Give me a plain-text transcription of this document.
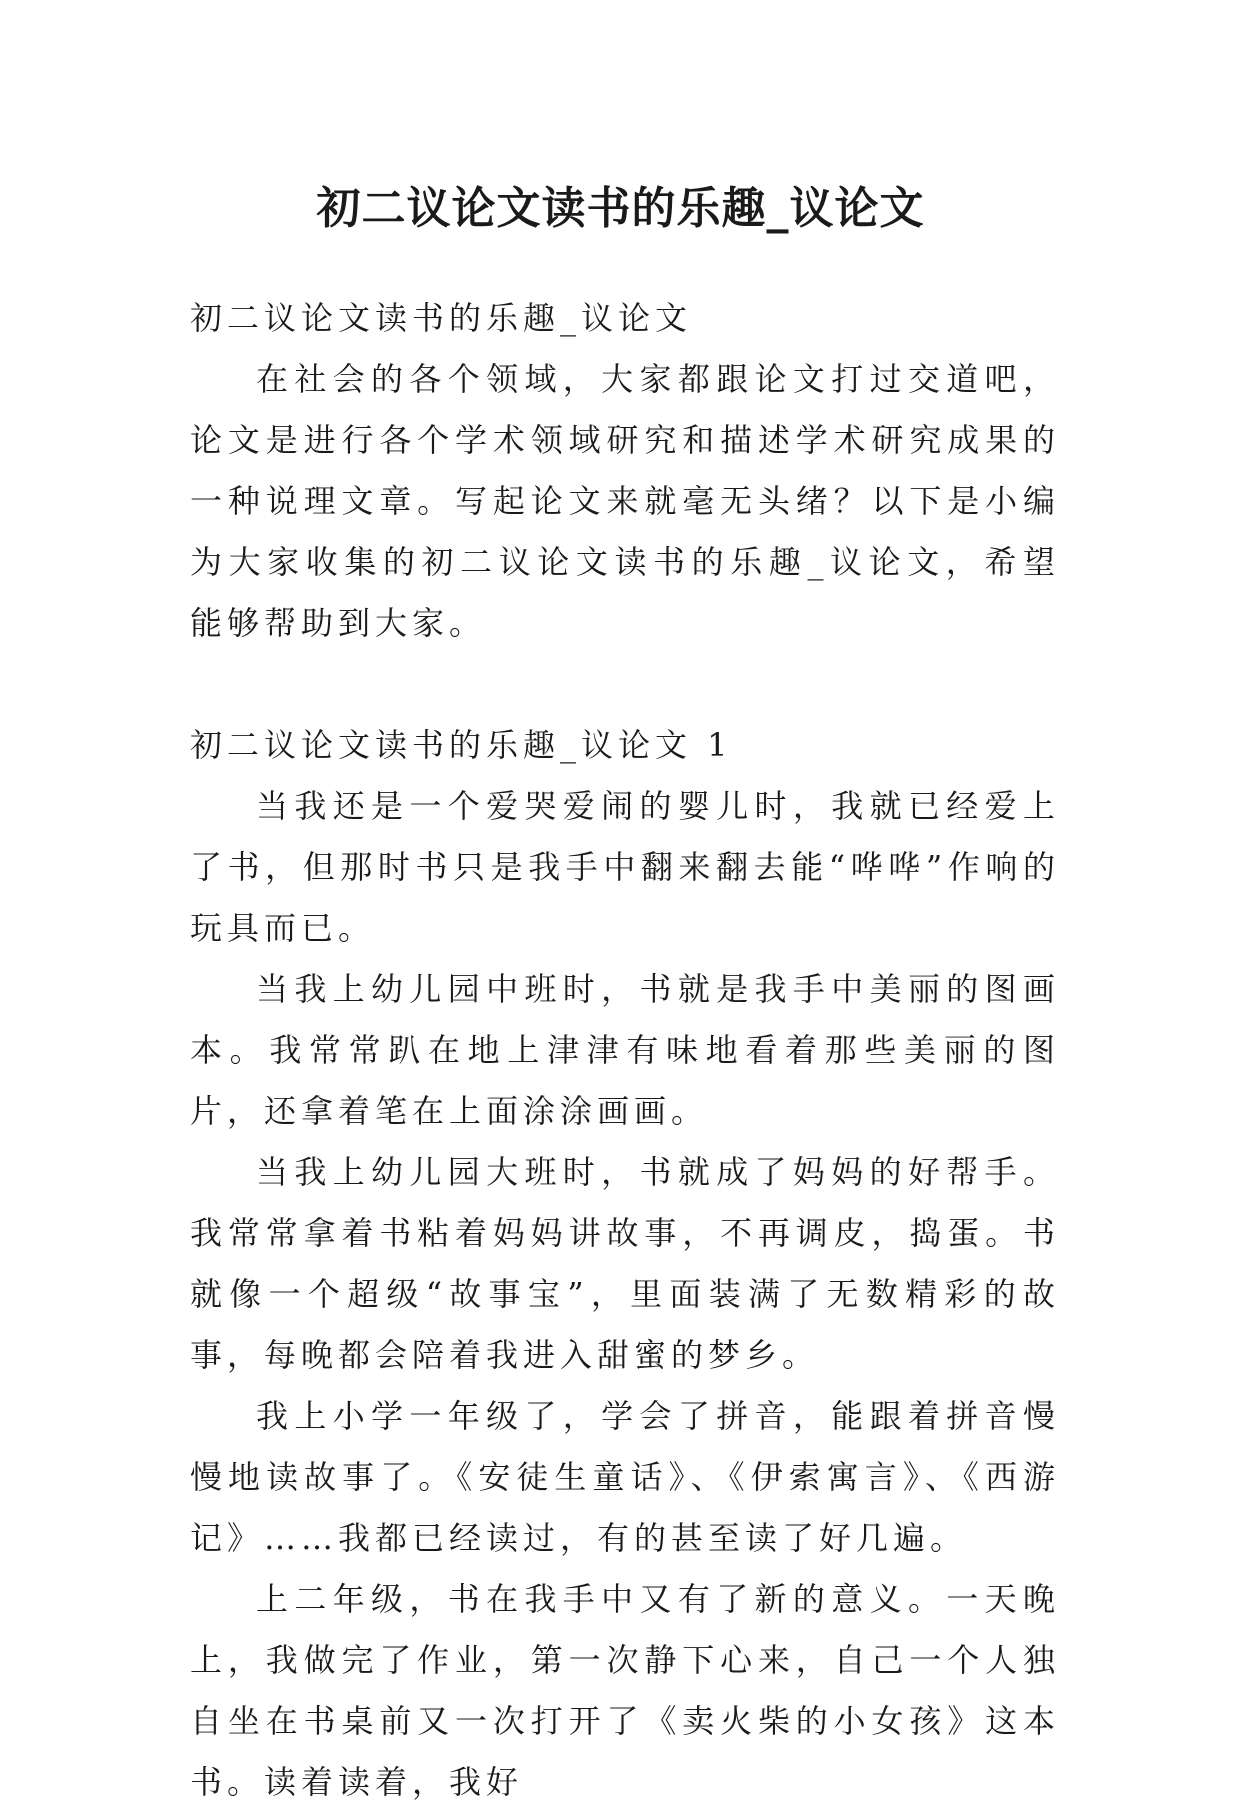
初二议论文读书的乐趣_议论文

初二议论文读书的乐趣_议论文

在社会的各个领域，大家都跟论文打过交道吧，论文是进行各个学术领域研究和描述学术研究成果的一种说理文章。写起论文来就毫无头绪？以下是小编为大家收集的初二议论文读书的乐趣_议论文，希望能够帮助到大家。

初二议论文读书的乐趣_议论文 1

当我还是一个爱哭爱闹的婴儿时，我就已经爱上了书，但那时书只是我手中翻来翻去能“哗哗”作响的玩具而已。

当我上幼儿园中班时，书就是我手中美丽的图画本。我常常趴在地上津津有味地看着那些美丽的图片，还拿着笔在上面涂涂画画。

当我上幼儿园大班时，书就成了妈妈的好帮手。我常常拿着书粘着妈妈讲故事，不再调皮，捣蛋。书就像一个超级“故事宝”，里面装满了无数精彩的故事，每晚都会陪着我进入甜蜜的梦乡。

我上小学一年级了，学会了拼音，能跟着拼音慢慢地读故事了。《安徒生童话》、《伊索寓言》、《西游记》……我都已经读过，有的甚至读了好几遍。

上二年级，书在我手中又有了新的意义。一天晚上，我做完了作业，第一次静下心来，自己一个人独自坐在书桌前又一次打开了《卖火柴的小女孩》这本书。读着读着，我好
